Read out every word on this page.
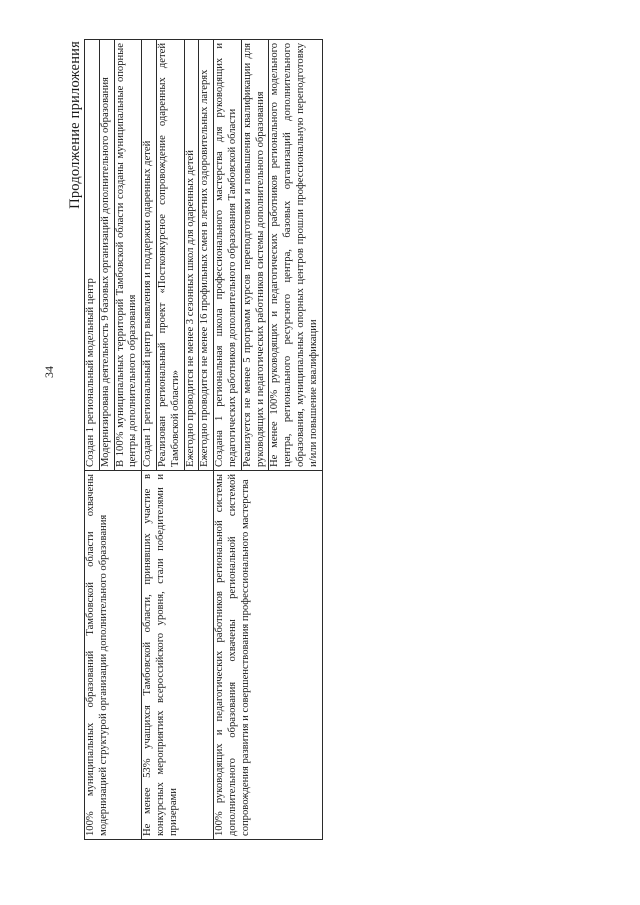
34
Продолжение приложения
100% муниципальных образований Тамбовской области охвачены модернизацией структурой организации дополнительного образования	Создан 1 региональный модельный центр
	Модернизирована деятельность 9 базовых организаций дополнительного образования
	В 100% муниципальных территорий Тамбовской области созданы муниципальные опорные центры дополнительного образования
Не менее 53% учащихся Тамбовской области, принявших участие в конкурсных мероприятиях всероссийского уровня, стали победителями и призерами	Создан 1 региональный центр выявления и поддержки одаренных детей
	Реализован региональный проект «Постконкурсное сопровождение одаренных детей Тамбовской области»
	Ежегодно проводится не менее 3 сезонных школ для одаренных детей
	Ежегодно проводится не менее 16 профильных смен в летних оздоровительных лагерях
100% руководящих и педагогических работников региональной системы дополнительного образования охвачены региональной системой сопровождения развития и совершенствования профессионального мастерства	Создана 1 региональная школа профессионального мастерства для руководящих и педагогических работников дополнительного образования Тамбовской области
	Реализуется не менее 5 программ курсов переподготовки и повышения квалификации для руководящих и педагогических работников системы дополнительного образования
	Не менее 100% руководящих и педагогических работников регионального модельного центра, регионального ресурсного центра, базовых организаций дополнительного образования, муниципальных опорных центров прошли профессиональную переподготовку и/или повышение квалификации
